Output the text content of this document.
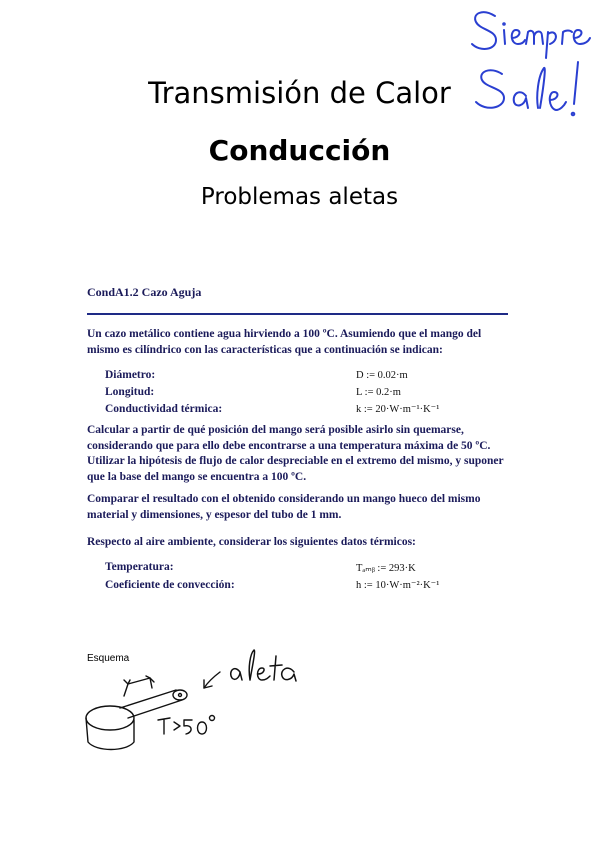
Transmisión de Calor
Conducción
Problemas aletas
CondA1.2 Cazo Aguja
Un cazo metálico contiene agua hirviendo a 100 ºC. Asumiendo que el mango del
mismo es cilíndrico con las características que a continuación se indican:
Diámetro:	D := 0.02·m
Longitud:	L := 0.2·m
Conductividad térmica:	k := 20·W·m⁻¹·K⁻¹
Calcular a partir de qué posición del mango será posible asirlo sin quemarse,
considerando que para ello debe encontrarse a una temperatura máxima de 50 ºC.
Utilizar la hipótesis de flujo de calor despreciable en el extremo del mismo, y suponer
que la base del mango se encuentra a 100 ºC.
Comparar el resultado con el obtenido considerando un mango hueco del mismo
material y dimensiones, y espesor del tubo de 1 mm.
Respecto al aire ambiente, considerar los siguientes datos térmicos:
Temperatura:	Tₐₘᵦ := 293·K
Coeficiente de convección:	h := 10·W·m⁻²·K⁻¹
Esquema
x
